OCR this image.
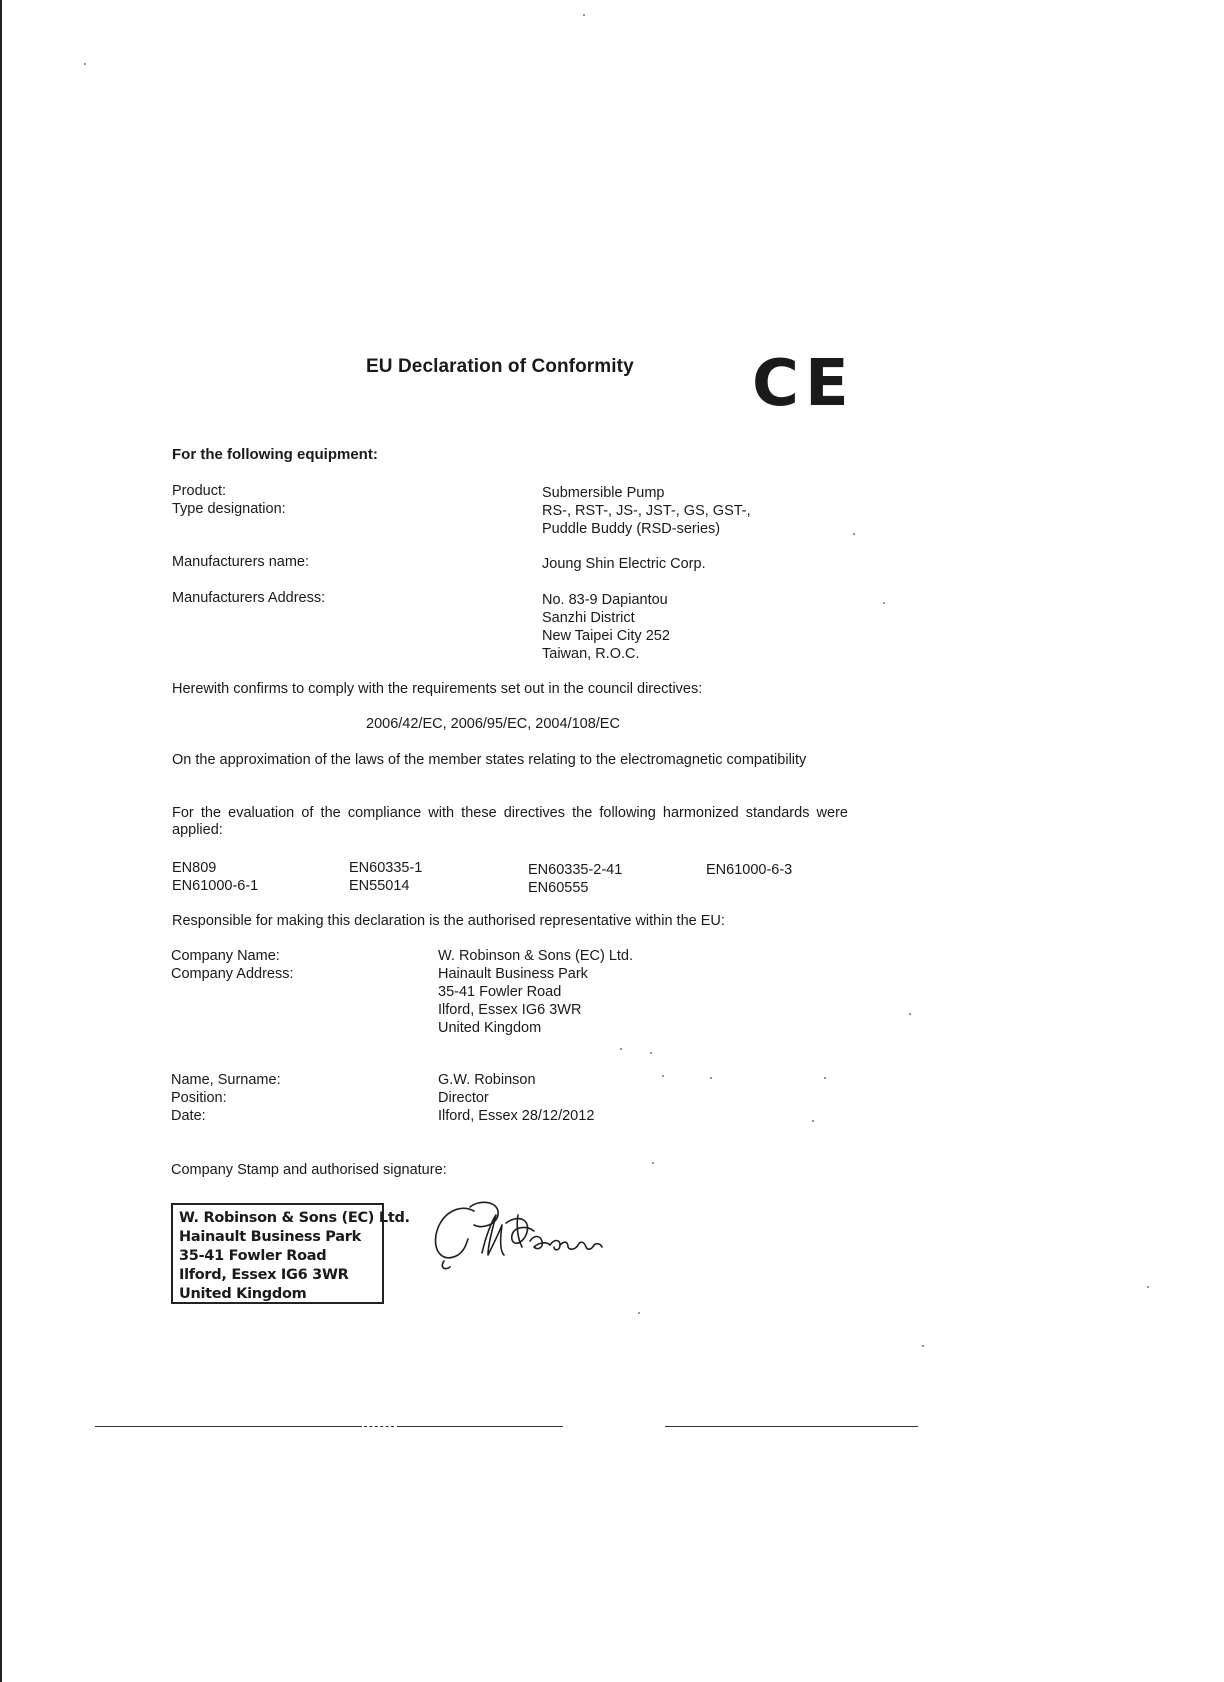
EU Declaration of Conformity CE
For the following equipment:
Product:
Type designation:
Submersible Pump
RS-, RST-, JS-, JST-, GS, GST-,
Puddle Buddy (RSD-series)
Manufacturers name:	Joung Shin Electric Corp.
Manufacturers Address:	No. 83-9 Dapiantou
Sanzhi District
New Taipei City 252
Taiwan, R.O.C.
Herewith confirms to comply with the requirements set out in the council directives:
2006/42/EC, 2006/95/EC, 2004/108/EC
On the approximation of the laws of the member states relating to the electromagnetic compatibility
For the evaluation of the compliance with these directives the following harmonized standards were applied:
EN809
EN61000-6-1
EN60335-1
EN55014
EN60335-2-41
EN60555
EN61000-6-3
Responsible for making this declaration is the authorised representative within the EU:
Company Name:
Company Address:
W. Robinson & Sons (EC) Ltd.
Hainault Business Park
35-41 Fowler Road
Ilford, Essex IG6 3WR
United Kingdom
Name, Surname:
Position:
Date:
G.W. Robinson
Director
Ilford, Essex 28/12/2012
Company Stamp and authorised signature:
W. Robinson & Sons (EC) Ltd.
Hainault Business Park
35-41 Fowler Road
Ilford, Essex IG6 3WR
United Kingdom
